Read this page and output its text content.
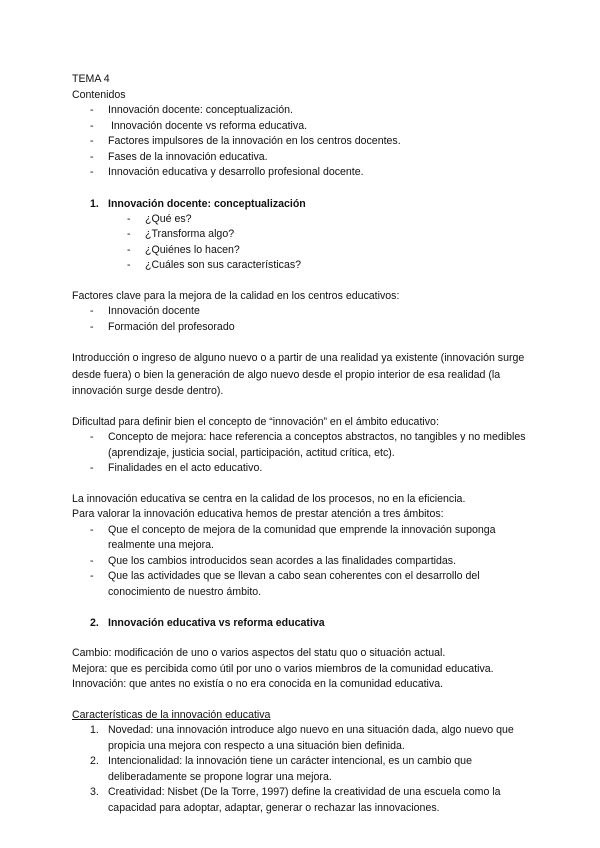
TEMA 4
Contenidos
- Innovación docente: conceptualización.
-  Innovación docente vs reforma educativa.
- Factores impulsores de la innovación en los centros docentes.
- Fases de la innovación educativa.
- Innovación educativa y desarrollo profesional docente.
1. Innovación docente: conceptualización
- ¿Qué es?
- ¿Transforma algo?
- ¿Quiénes lo hacen?
- ¿Cuáles son sus características?
Factores clave para la mejora de la calidad en los centros educativos:
- Innovación docente
- Formación del profesorado
Introducción o ingreso de alguno nuevo o a partir de una realidad ya existente (innovación surge desde fuera) o bien la generación de algo nuevo desde el propio interior de esa realidad (la innovación surge desde dentro).
Dificultad para definir bien el concepto de “innovación” en el ámbito educativo:
- Concepto de mejora: hace referencia a conceptos abstractos, no tangibles y no medibles (aprendizaje, justicia social, participación, actitud crítica, etc).
- Finalidades en el acto educativo.
La innovación educativa se centra en la calidad de los procesos, no en la eficiencia.
Para valorar la innovación educativa hemos de prestar atención a tres ámbitos:
- Que el concepto de mejora de la comunidad que emprende la innovación suponga realmente una mejora.
- Que los cambios introducidos sean acordes a las finalidades compartidas.
- Que las actividades que se llevan a cabo sean coherentes con el desarrollo del conocimiento de nuestro ámbito.
2. Innovación educativa vs reforma educativa
Cambio: modificación de uno o varios aspectos del statu quo o situación actual.
Mejora: que es percibida como útil por uno o varios miembros de la comunidad educativa.
Innovación: que antes no existía o no era conocida en la comunidad educativa.
Características de la innovación educativa
1. Novedad: una innovación introduce algo nuevo en una situación dada, algo nuevo que propicia una mejora con respecto a una situación bien definida.
2. Intencionalidad: la innovación tiene un carácter intencional, es un cambio que deliberadamente se propone lograr una mejora.
3. Creatividad: Nisbet (De la Torre, 1997) define la creatividad de una escuela como la capacidad para adoptar, adaptar, generar o rechazar las innovaciones.
